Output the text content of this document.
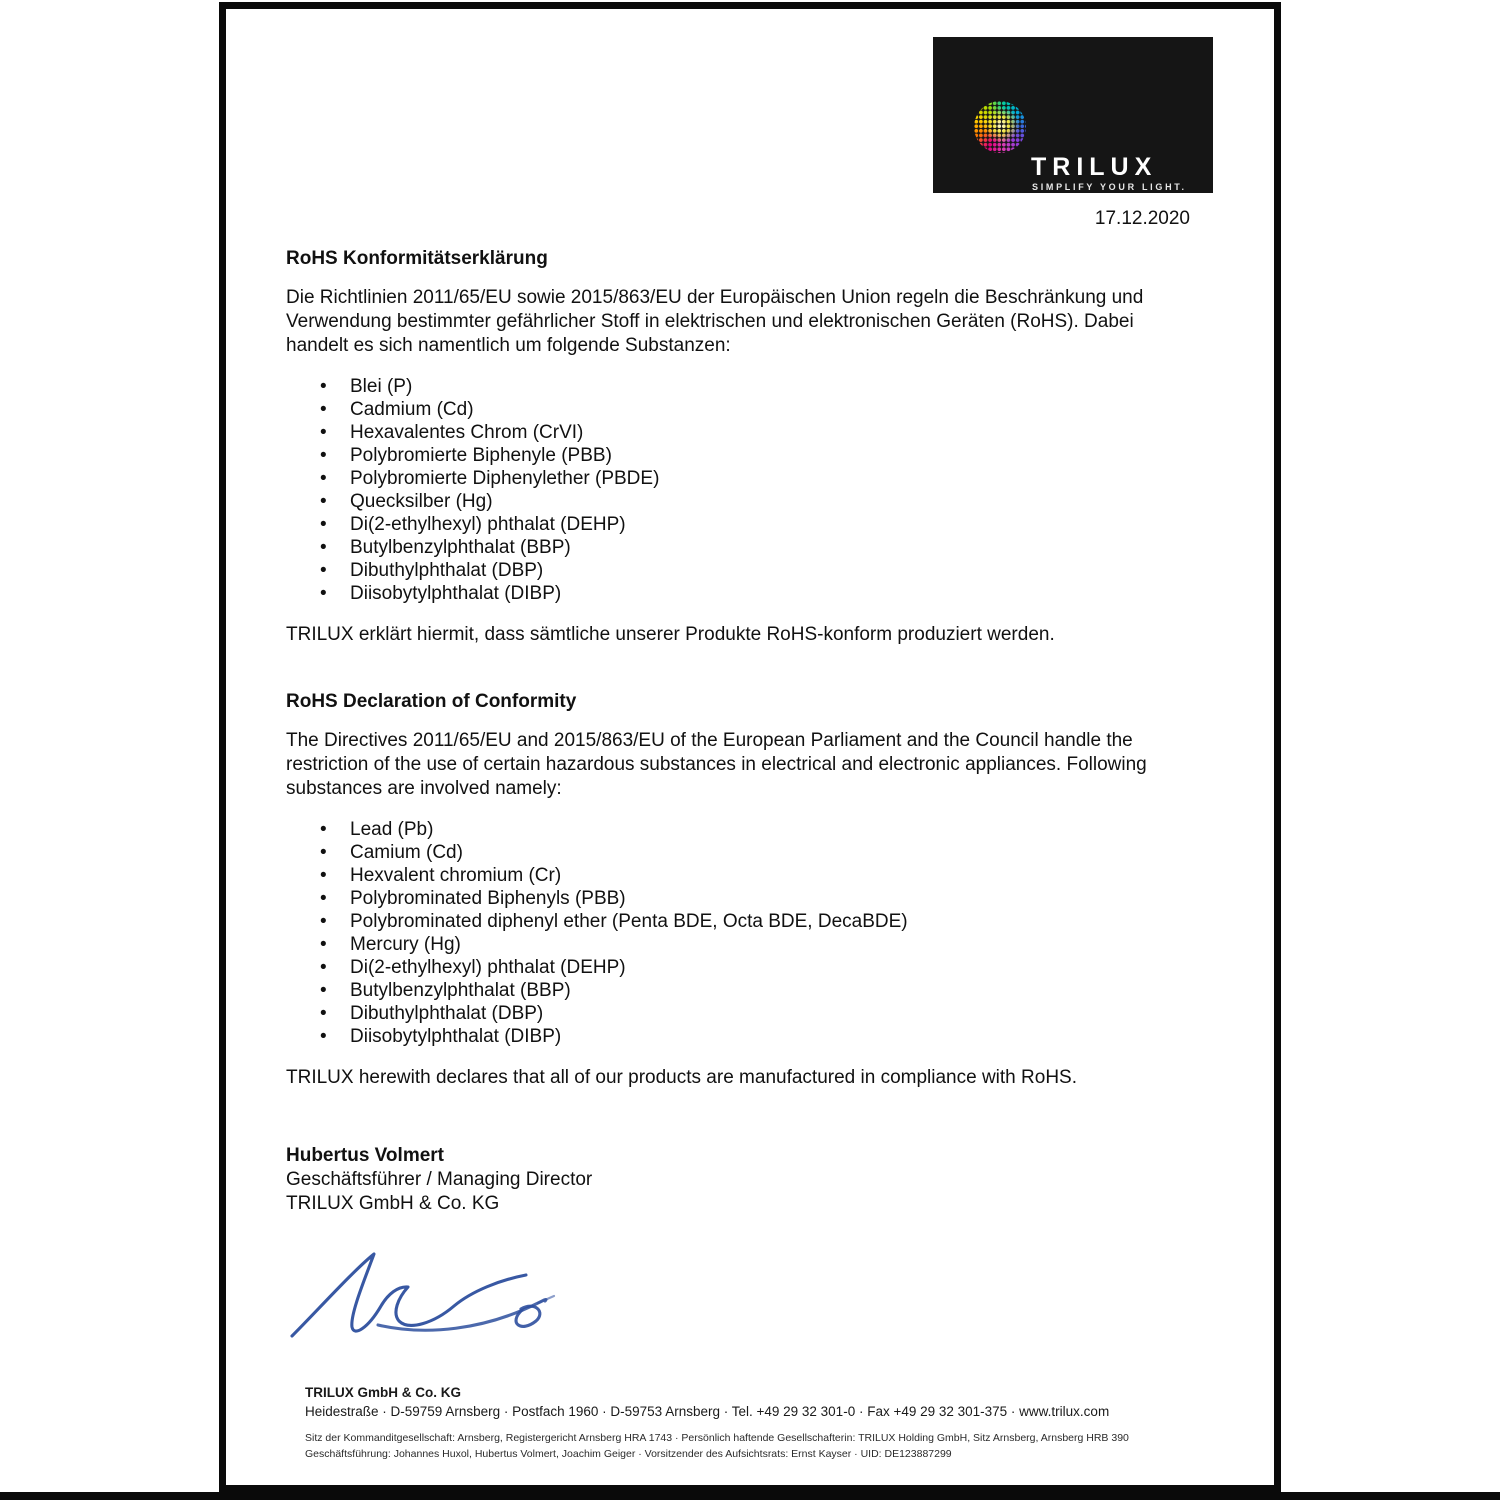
TRILUX
SIMPLIFY YOUR LIGHT.
17.12.2020
RoHS Konformitätserklärung
Die Richtlinien 2011/65/EU sowie 2015/863/EU der Europäischen Union regeln die Beschränkung und Verwendung bestimmter gefährlicher Stoff in elektrischen und elektronischen Geräten (RoHS). Dabei handelt es sich namentlich um folgende Substanzen:
• Blei (P)
• Cadmium (Cd)
• Hexavalentes Chrom (CrVI)
• Polybromierte Biphenyle (PBB)
• Polybromierte Diphenylether (PBDE)
• Quecksilber (Hg)
• Di(2-ethylhexyl) phthalat (DEHP)
• Butylbenzylphthalat (BBP)
• Dibuthylphthalat (DBP)
• Diisobytylphthalat (DIBP)
TRILUX erklärt hiermit, dass sämtliche unserer Produkte RoHS-konform produziert werden.
RoHS Declaration of Conformity
The Directives 2011/65/EU and 2015/863/EU of the European Parliament and the Council handle the restriction of the use of certain hazardous substances in electrical and electronic appliances. Following substances are involved namely:
• Lead (Pb)
• Camium (Cd)
• Hexvalent chromium (Cr)
• Polybrominated Biphenyls (PBB)
• Polybrominated diphenyl ether (Penta BDE, Octa BDE, DecaBDE)
• Mercury (Hg)
• Di(2-ethylhexyl) phthalat (DEHP)
• Butylbenzylphthalat (BBP)
• Dibuthylphthalat (DBP)
• Diisobytylphthalat (DIBP)
TRILUX herewith declares that all of our products are manufactured in compliance with RoHS.
Hubertus Volmert
Geschäftsführer / Managing Director
TRILUX GmbH & Co. KG
TRILUX GmbH & Co. KG
Heidestraße · D-59759 Arnsberg · Postfach 1960 · D-59753 Arnsberg · Tel. +49 29 32 301-0 · Fax +49 29 32 301-375 · www.trilux.com
Sitz der Kommanditgesellschaft: Arnsberg, Registergericht Arnsberg HRA 1743 · Persönlich haftende Gesellschafterin: TRILUX Holding GmbH, Sitz Arnsberg, Arnsberg HRB 390
Geschäftsführung: Johannes Huxol, Hubertus Volmert, Joachim Geiger · Vorsitzender des Aufsichtsrats: Ernst Kayser · UID: DE123887299
